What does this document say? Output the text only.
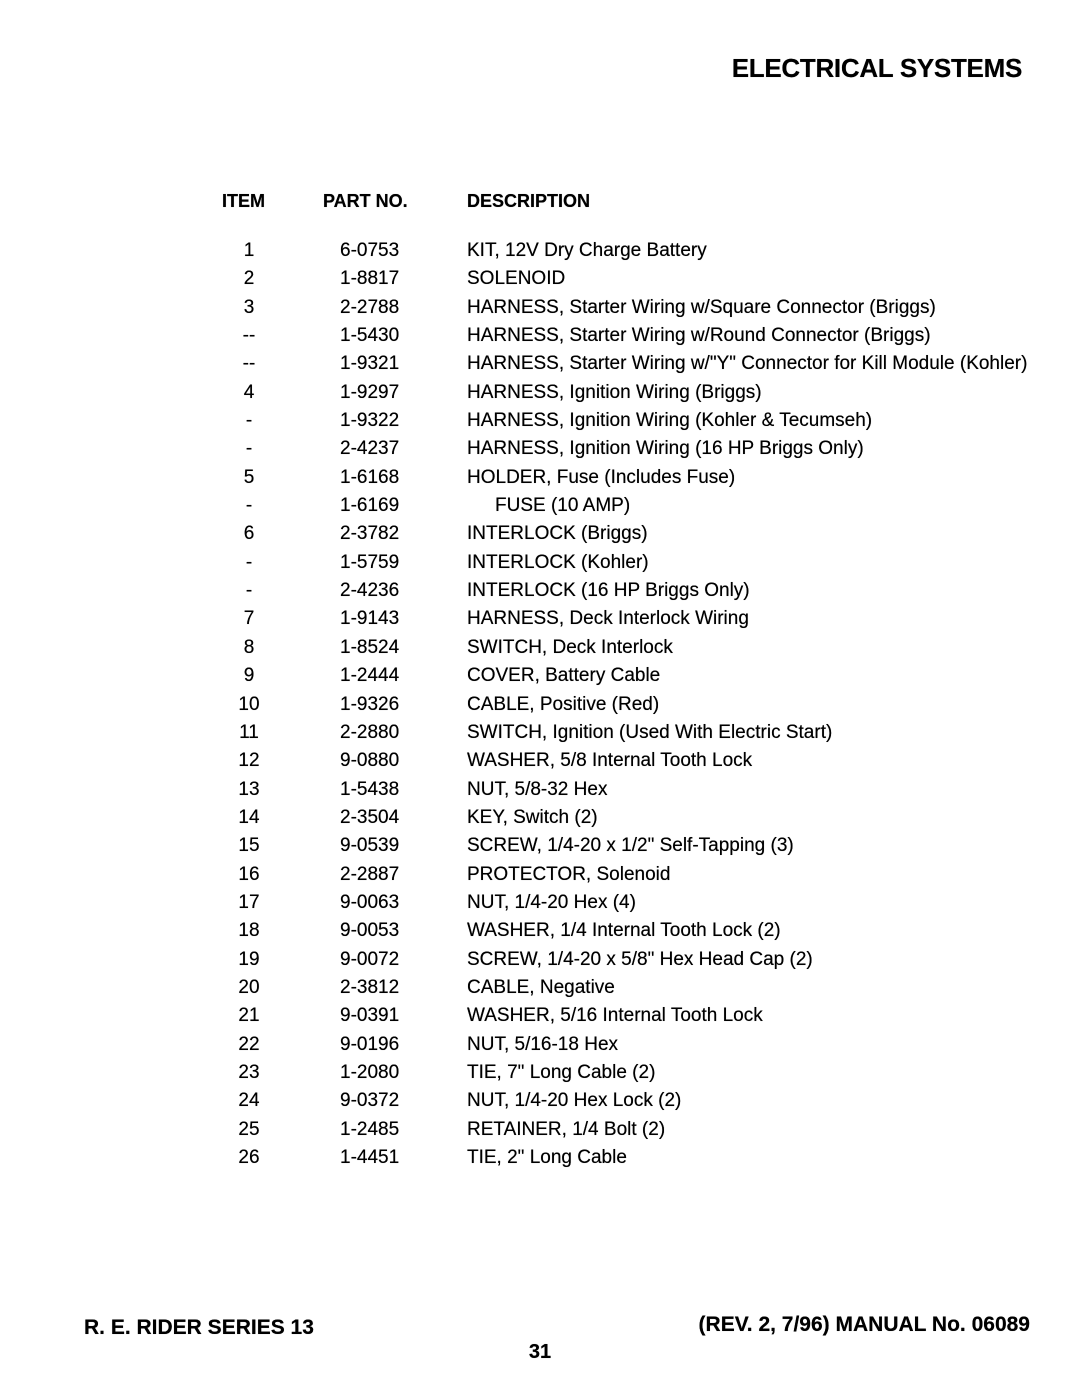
ELECTRICAL SYSTEMS
ITEM	PART NO.	DESCRIPTION
1	6-0753	KIT, 12V Dry Charge Battery
2	1-8817	SOLENOID
3	2-2788	HARNESS, Starter Wiring w/Square Connector (Briggs)
--	1-5430	HARNESS, Starter Wiring w/Round Connector (Briggs)
--	1-9321	HARNESS, Starter Wiring w/"Y" Connector for Kill Module (Kohler)
4	1-9297	HARNESS, Ignition Wiring (Briggs)
-	1-9322	HARNESS, Ignition Wiring (Kohler & Tecumseh)
-	2-4237	HARNESS, Ignition Wiring (16 HP Briggs Only)
5	1-6168	HOLDER, Fuse (Includes Fuse)
-	1-6169	FUSE (10 AMP)
6	2-3782	INTERLOCK (Briggs)
-	1-5759	INTERLOCK (Kohler)
-	2-4236	INTERLOCK (16 HP Briggs Only)
7	1-9143	HARNESS, Deck Interlock Wiring
8	1-8524	SWITCH, Deck Interlock
9	1-2444	COVER, Battery Cable
10	1-9326	CABLE, Positive (Red)
11	2-2880	SWITCH, Ignition (Used With Electric Start)
12	9-0880	WASHER, 5/8 Internal Tooth Lock
13	1-5438	NUT, 5/8-32 Hex
14	2-3504	KEY, Switch (2)
15	9-0539	SCREW, 1/4-20 x 1/2" Self-Tapping (3)
16	2-2887	PROTECTOR, Solenoid
17	9-0063	NUT, 1/4-20 Hex (4)
18	9-0053	WASHER, 1/4 Internal Tooth Lock (2)
19	9-0072	SCREW, 1/4-20 x 5/8" Hex Head Cap (2)
20	2-3812	CABLE, Negative
21	9-0391	WASHER, 5/16 Internal Tooth Lock
22	9-0196	NUT, 5/16-18 Hex
23	1-2080	TIE, 7" Long Cable (2)
24	9-0372	NUT, 1/4-20 Hex Lock (2)
25	1-2485	RETAINER, 1/4 Bolt (2)
26	1-4451	TIE, 2" Long Cable
R. E. RIDER SERIES 13	(REV. 2, 7/96) MANUAL No. 06089
31
